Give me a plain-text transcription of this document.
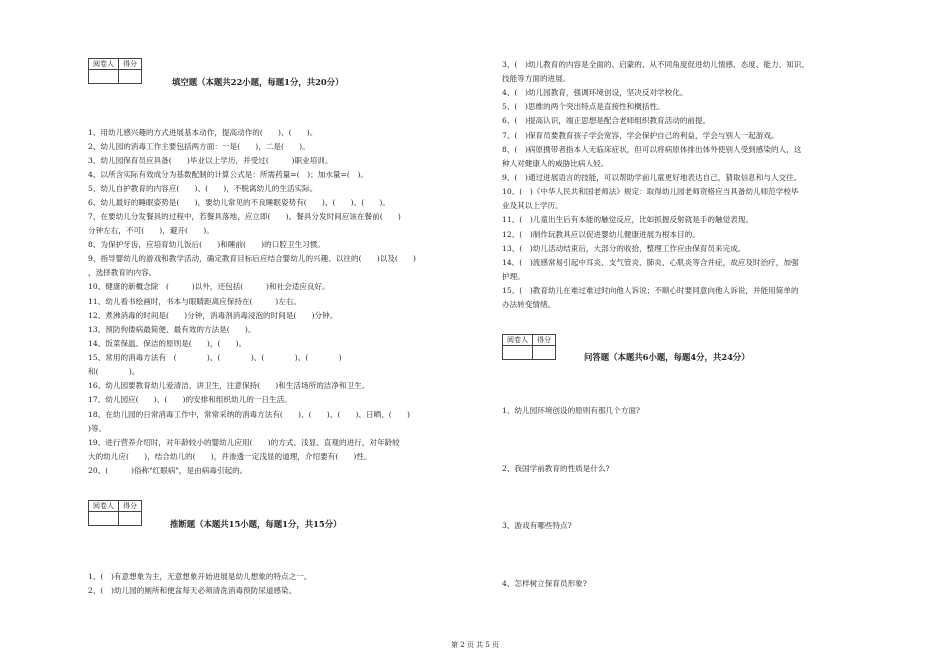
阅卷人	得分

填空题（本题共22小题，每题1分，共20分）
1、用幼儿感兴趣的方式进展基本动作，提高动作的(　　)、(　　)。
2、幼儿园的消毒工作主要包括两方面：一是(　　)，二是(　　)。
3、幼儿园保育员应具备(　　)毕业以上学历，并受过(　　　)职业培训。
4、以所含实际有效成分为基数配制的计算公式是：所需药量=(　)；加水量=(　)。
5、幼儿自护教育的内容应(　　)、(　　)，不脱离幼儿的生活实际。
6、幼儿最好的睡眠姿势是(　　)，要幼儿常见的不良睡眠姿势有(　　)、(　　)、(　　)。
7、在要幼儿分发餐具的过程中，若餐具落地，应立即(　　)。餐具分发时间应该在餐前(　　)
分钟左右，不可(　　)，避开(　　)。
8、为保护牙齿，应培育幼儿饭后(　　)和睡前(　　)的口腔卫生习惯。
9、指导婴幼儿的游戏和教学活动，确定教育目标后应结合婴幼儿的兴趣、以往的(　　)以及(　　)
，选择教育的内容。
10、健康的新概念除　(　　　)以外，还包括(　　　)和社会适应良好。
11、幼儿看书绘画时，书本与眼睛距离应保持在(　　　)左右。
12、煮沸消毒的时间是(　　)分钟，消毒剂消毒浸泡的时间是(　　)分钟。
13、预防佝偻病最简便、最有效的方法是(　　)。
14、饭菜保温、保洁的原则是(　　)，(　　)。
15、常用的消毒方法有　(　　　　)、(　　　　)、(　　　　)、(　　　　)
和(　　　　)。
16、幼儿园要教育幼儿爱清洁、讲卫生，注意保持(　　)和生活场所的洁净和卫生。
17、幼儿园应(　　)、(　　)的安排和组织幼儿的一日生活。
18、在幼儿园的日常消毒工作中，常常采纳的消毒方法有(　　)、(　　)、(　　)、日晒、(　　)
)等。
19、进行营养介绍时，对年龄较小的婴幼儿应用(　　)的方式、浅显、直观的进行，对年龄较
大的幼儿应(　　)，结合幼儿的(　　)，并渗透一定浅显的道理，介绍要有(　　)性。
20、(　　　)俗称"红眼病"，是由病毒引起的。
阅卷人	得分

推断题（本题共15小题，每题1分，共15分）
1、(　)有意想象为主，无意想象开始进展是幼儿想象的特点之一。
2、(　)幼儿园的厕所和便盆每天必须清洗消毒预防尿道感染。
3、(　)幼儿教育的内容是全面的、启蒙的、从不同角度促进幼儿情感、态度、能力、知识、
技能等方面的进展。
4、(　)幼儿园教育，强调环境创设，坚决反对学校化。
5、(　)思维的两个突出特点是直接性和概括性。
6、(　)提高认识，端正思想是配合老师组织教育活动的前提。
7、(　)保育员要教育孩子学会宽容，学会保护自己的利益，学会与别人一起游戏。
8、(　)病原携带者指本人无临床症状，但可以将病原体排出体外使别人受到感染的人，这
种人对健康人的威胁比病人轻。
9、(　)通过进展语言的技能，可以帮助学前儿童更好地表达自己，猜取信息和与人交往。
10、(　)《中华人民共和国老师法》规定：取得幼儿园老师资格应当具备幼儿师范学校毕
业及其以上学历。
11、(　)儿童出生后有本能的触觉反应，比如抓握反射就是手的触觉表现。
12、(　)制作玩教具应以促进婴幼儿健康进展为根本目的。
13、(　)幼儿活动结束后，大部分的收拾，整理工作应由保育员来完成。
14、(　)流感常易引起中耳炎、支气管炎、肺炎、心肌炎等合并症，故应及时治疗，加强
护理。
15、(　)教育幼儿在难过难过时向他人诉说；不顺心时要同意向他人诉说，并能用简单的
办法转变情绪。
阅卷人	得分

问答题（本题共6小题，每题4分，共24分）
1、幼儿园环境创设的原则有那几个方面?
2、我国学前教育的性质是什么?
3、游戏有哪些特点?
4、怎样树立保育员形象?
第 2 页 共 5 页
